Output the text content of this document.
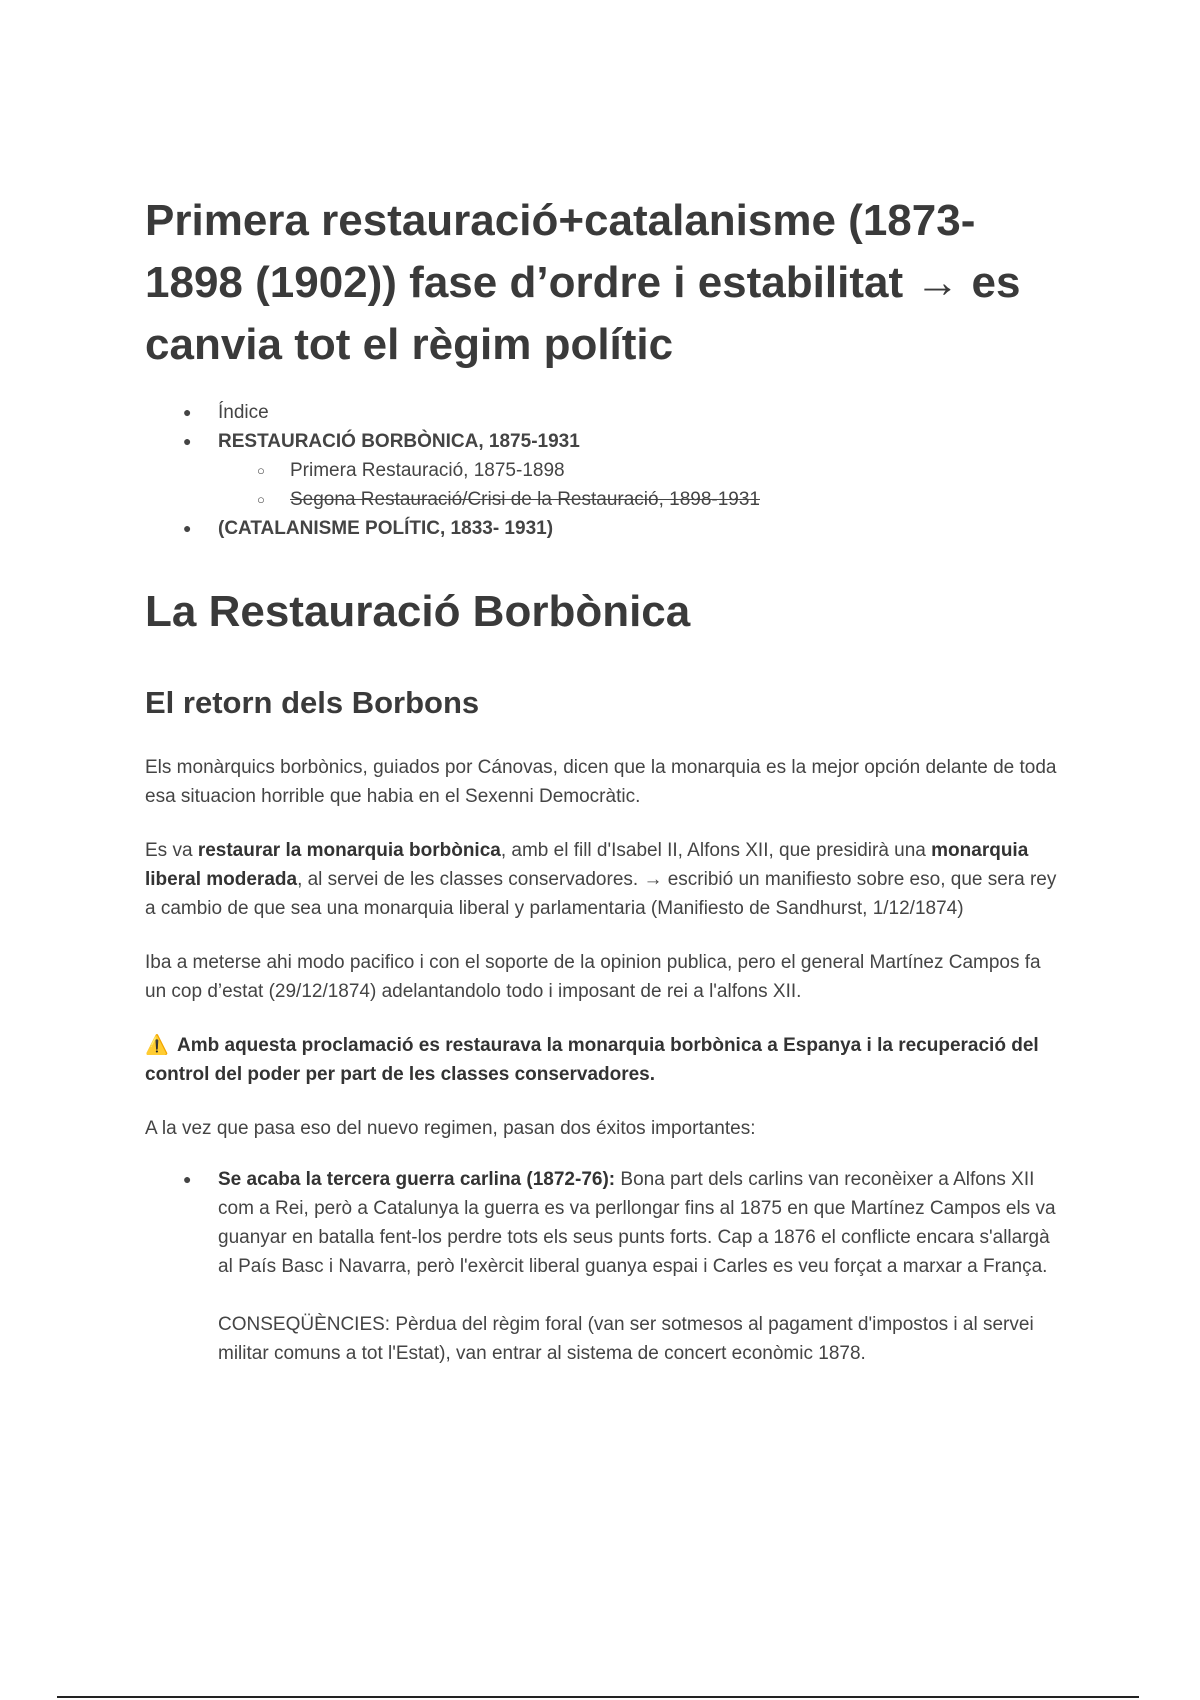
Primera restauració+catalanisme (1873-1898 (1902)) fase d’ordre i estabilitat → es canvia tot el règim polític
● Índice
● RESTAURACIÓ BORBÒNICA, 1875-1931
○ Primera Restauració, 1875-1898
○ Segona Restauració/Crisi de la Restauració, 1898-1931
● (CATALANISME POLÍTIC, 1833- 1931)
La Restauració Borbònica
El retorn dels Borbons

Els monàrquics borbònics, guiados por Cánovas, dicen que la monarquia es la mejor opción delante de toda esa situacion horrible que habia en el Sexenni Democràtic.

Es va restaurar la monarquia borbònica, amb el fill d'Isabel II, Alfons XII, que presidirà una monarquia liberal moderada, al servei de les classes conservadores. → escribió un manifiesto sobre eso, que sera rey a cambio de que sea una monarquia liberal y parlamentaria (Manifiesto de Sandhurst, 1/12/1874)

Iba a meterse ahi modo pacifico i con el soporte de la opinion publica, pero el general Martínez Campos fa un cop d’estat (29/12/1874) adelantandolo todo i imposant de rei a l'alfons XII.

⚠️ Amb aquesta proclamació es restaurava la monarquia borbònica a Espanya i la recuperació del control del poder per part de les classes conservadores.

A la vez que pasa eso del nuevo regimen, pasan dos éxitos importantes:

● Se acaba la tercera guerra carlina (1872-76): Bona part dels carlins van reconèixer a Alfons XII com a Rei, però a Catalunya la guerra es va perllongar fins al 1875 en que Martínez Campos els va guanyar en batalla fent-los perdre tots els seus punts forts. Cap a 1876 el conflicte encara s'allargà al País Basc i Navarra, però l'exèrcit liberal guanya espai i Carles es veu forçat a marxar a França.

CONSEQÜÈNCIES: Pèrdua del règim foral (van ser sotmesos al pagament d'impostos i al servei militar comuns a tot l'Estat), van entrar al sistema de concert econòmic 1878.
